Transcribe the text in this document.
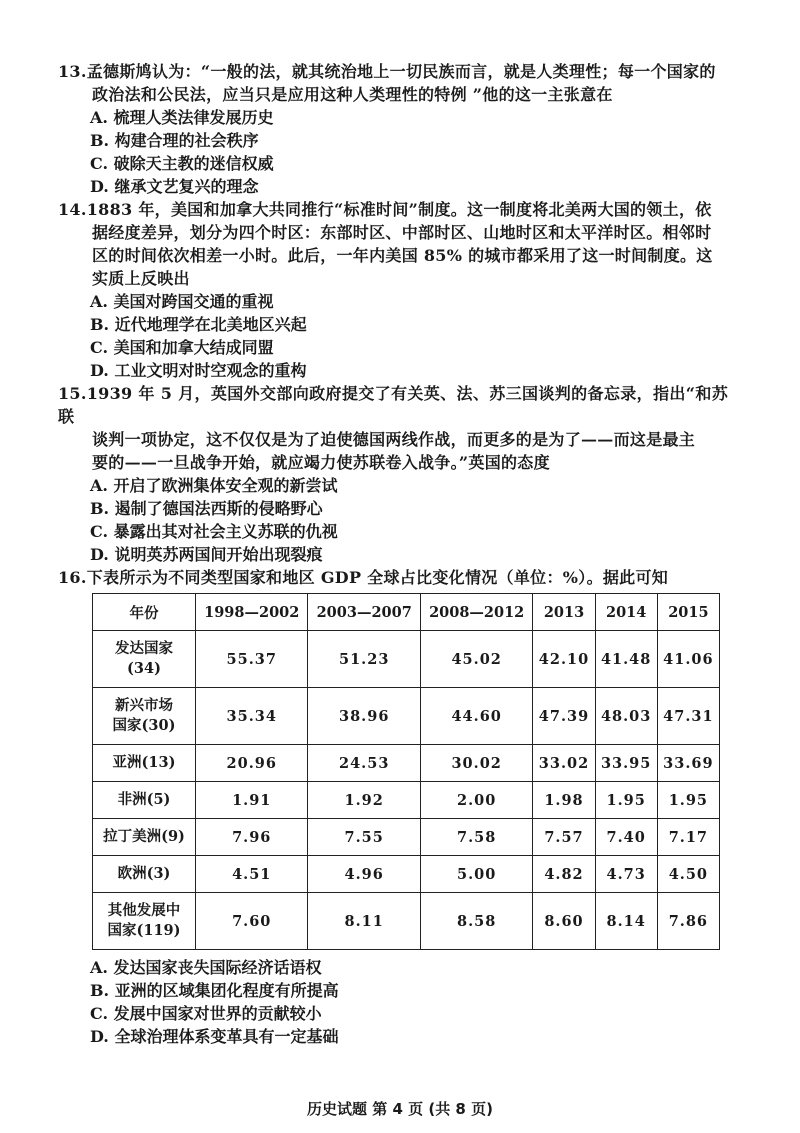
13.孟德斯鸠认为：“一般的法，就其统治地上一切民族而言，就是人类理性；每一个国家的
政治法和公民法，应当只是应用这种人类理性的特例 ”他的这一主张意在

A. 梳理人类法律发展历史

B. 构建合理的社会秩序

C. 破除天主教的迷信权威

D. 继承文艺复兴的理念

14.1883 年，美国和加拿大共同推行“标准时间”制度。这一制度将北美两大国的领土，依
据经度差异，划分为四个时区：东部时区、中部时区、山地时区和太平洋时区。相邻时
区的时间依次相差一小时。此后，一年内美国 85% 的城市都采用了这一时间制度。这
实质上反映出

A. 美国对跨国交通的重视

B. 近代地理学在北美地区兴起

C. 美国和加拿大结成同盟

D. 工业文明对时空观念的重构

15.1939 年 5 月，英国外交部向政府提交了有关英、法、苏三国谈判的备忘录，指出“和苏联
谈判一项协定，这不仅仅是为了迫使德国两线作战，而更多的是为了——而这是最主
要的——一旦战争开始，就应竭力使苏联卷入战争。”英国的态度

A. 开启了欧洲集体安全观的新尝试

B. 遏制了德国法西斯的侵略野心

C. 暴露出其对社会主义苏联的仇视

D. 说明英苏两国间开始出现裂痕

16.下表所示为不同类型国家和地区 GDP 全球占比变化情况（单位：%）。据此可知

年份	1998—2002	2003—2007	2008—2012	2013	2014	2015
发达国家
(34)	55.37	51.23	45.02	42.10	41.48	41.06
新兴市场
国家(30)	35.34	38.96	44.60	47.39	48.03	47.31
亚洲(13)	20.96	24.53	30.02	33.02	33.95	33.69
非洲(5)	1.91	1.92	2.00	1.98	1.95	1.95
拉丁美洲(9)	7.96	7.55	7.58	7.57	7.40	7.17
欧洲(3)	4.51	4.96	5.00	4.82	4.73	4.50
其他发展中
国家(119)	7.60	8.11	8.58	8.60	8.14	7.86

A. 发达国家丧失国际经济话语权

B. 亚洲的区域集团化程度有所提高

C. 发展中国家对世界的贡献较小

D. 全球治理体系变革具有一定基础

历史试题 第 4 页 (共 8 页)
